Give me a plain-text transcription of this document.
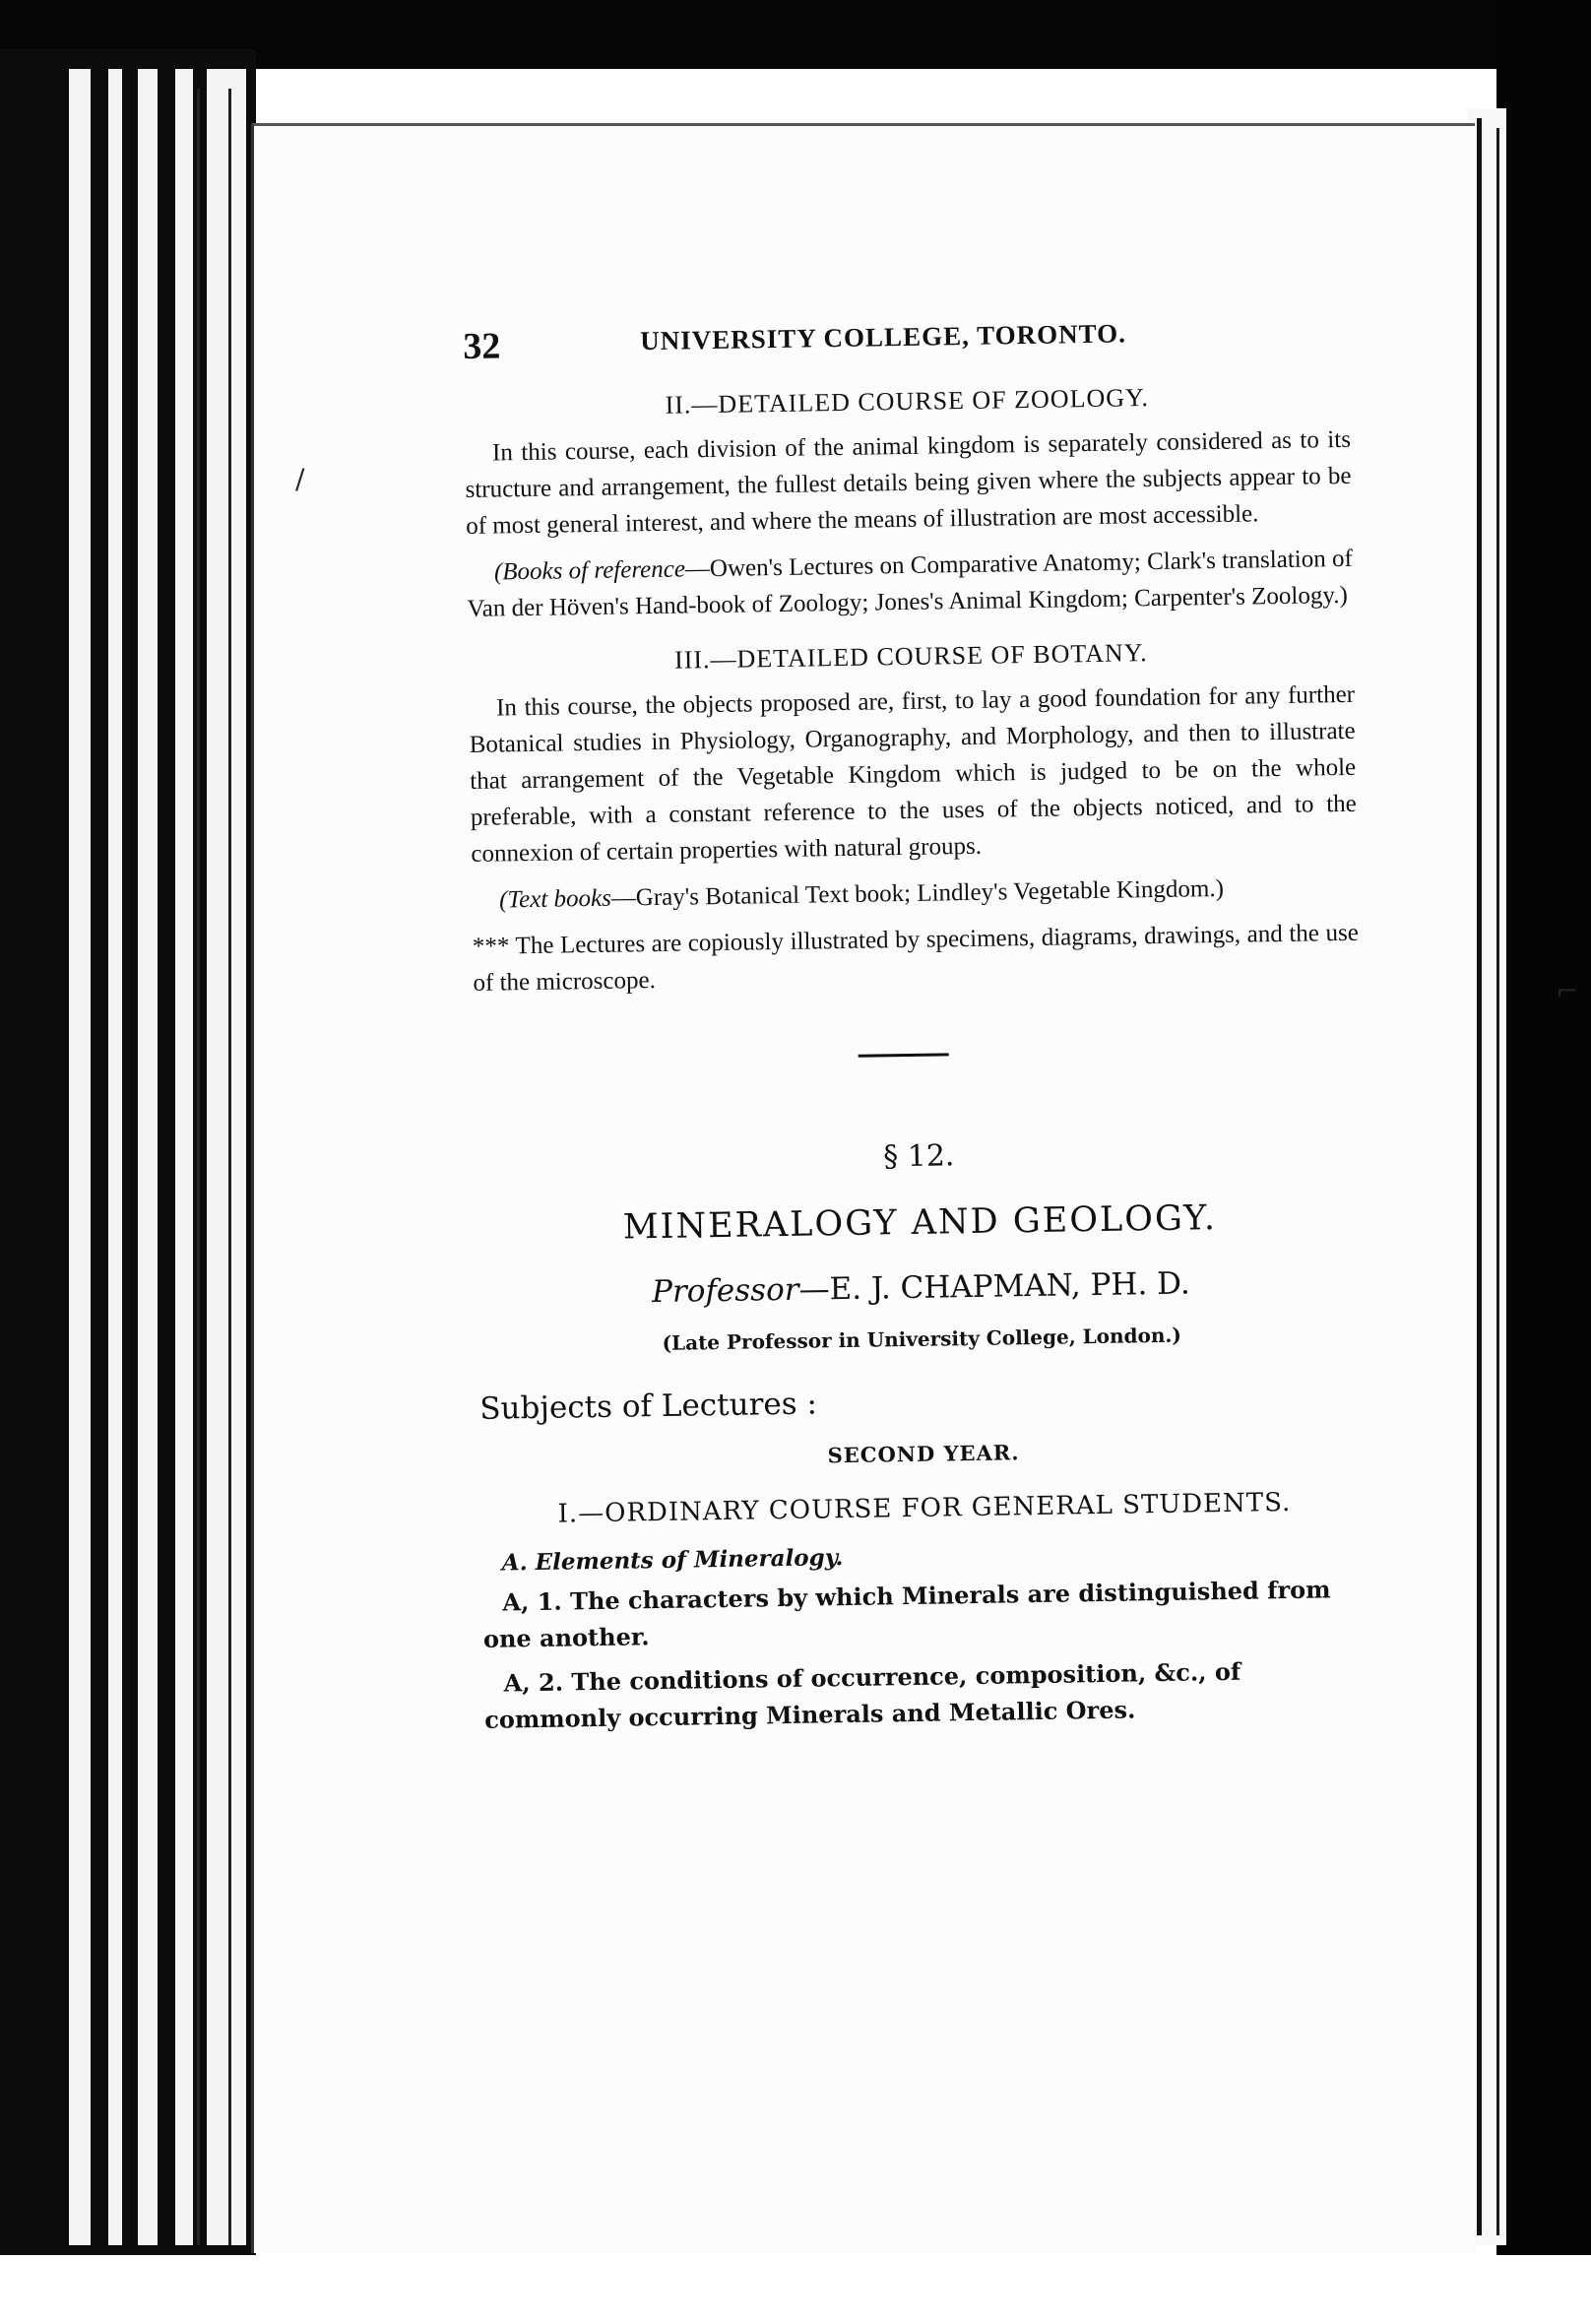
32	UNIVERSITY COLLEGE, TORONTO.
II.—DETAILED COURSE OF ZOOLOGY.

In this course, each division of the animal kingdom is separately considered as to its structure and arrangement, the fullest details being given where the subjects appear to be of most general interest, and where the means of illustration are most accessible.

(Books of reference—Owen's Lectures on Comparative Anatomy; Clark's translation of Van der Höven's Hand-book of Zoology; Jones's Animal Kingdom; Carpenter's Zoology.)

III.—DETAILED COURSE OF BOTANY.

In this course, the objects proposed are, first, to lay a good foundation for any further Botanical studies in Physiology, Organography, and Morphology, and then to illustrate that arrangement of the Vegetable Kingdom which is judged to be on the whole preferable, with a constant reference to the uses of the objects noticed, and to the connexion of certain properties with natural groups.

(Text books—Gray's Botanical Text book; Lindley's Vegetable Kingdom.)

*** The Lectures are copiously illustrated by specimens, diagrams, drawings, and the use of the microscope.

§ 12.
MINERALOGY AND GEOLOGY.
Professor—E. J. CHAPMAN, PH. D.
(Late Professor in University College, London.)
Subjects of Lectures :
SECOND YEAR.
I.—ORDINARY COURSE FOR GENERAL STUDENTS.
A. Elements of Mineralogy.
A, 1. The characters by which Minerals are distinguished from one another.
A, 2. The conditions of occurrence, composition, &c., of commonly occurring Minerals and Metallic Ores.
/
⌐
